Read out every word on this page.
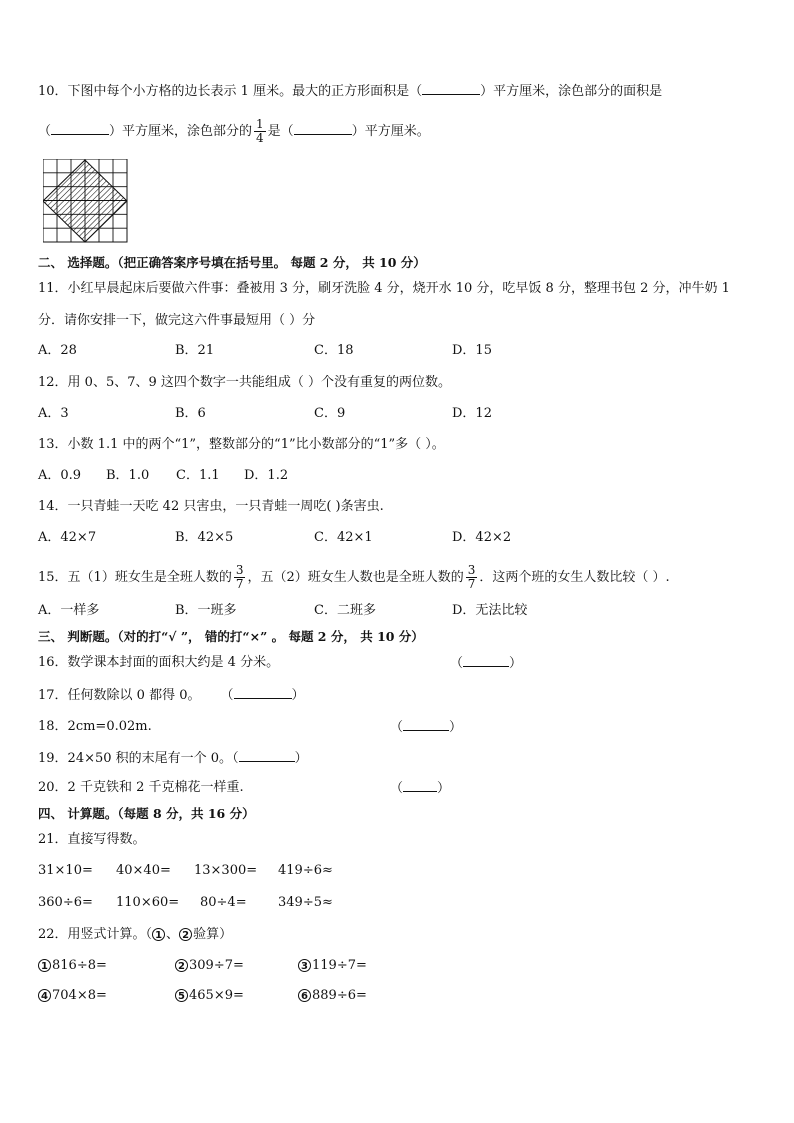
10．下图中每个小方格的边长表示 1 厘米。最大的正方形面积是（	）平方厘米，涂色部分的面积是
（	）平方厘米，涂色部分的 $\frac{1}{4}$ 是（	）平方厘米。
二、 选择题。（把正确答案序号填在括号里。 每题 2 分， 共 10 分）
11．小红早晨起床后要做六件事：叠被用 3 分，刷牙洗脸 4 分，烧开水 10 分，吃早饭 8 分，整理书包 2 分，冲牛奶 1
分．请你安排一下，做完这六件事最短用（ ）分
A．28	B．21	C．18	D．15
12．用 0、5、7、9 这四个数字一共能组成（ ）个没有重复的两位数。
A．3	B．6	C．9	D．12
13．小数 1.1 中的两个“1”，整数部分的“1”比小数部分的“1”多（ ）。
A．0.9 B．1.0 C．1.1 D．1.2
14．一只青蛙一天吃 42 只害虫，一只青蛙一周吃( )条害虫.
A．42×7	B．42×5	C．42×1	D．42×2
15．五（1）班女生是全班人数的 $\frac{3}{7}$ ，五（2）班女生人数也是全班人数的 $\frac{3}{7}$ ．这两个班的女生人数比较（ ）.
A．一样多	B．一班多	C．二班多	D．无法比较
三、 判断题。（对的打“√ ”， 错的打“×” 。 每题 2 分， 共 10 分）
16．数学课本封面的面积大约是 4 分米。	（	）
17．任何数除以 0 都得 0。 （	）
18．2cm=0.02m.	（	）
19．24×50 积的末尾有一个 0。（	）
20．2 千克铁和 2 千克棉花一样重.	（	）
四、 计算题。（每题 8 分，共 16 分）
21．直接写得数。
31×10= 40×40= 13×300= 419÷6≈
360÷6= 110×60= 80÷4= 349÷5≈
22．用竖式计算。（ 1 、 2 验算）
1 816÷8=	2 309÷7=	3 119÷7=
4 704×8=	5 465×9=	6 889÷6=
